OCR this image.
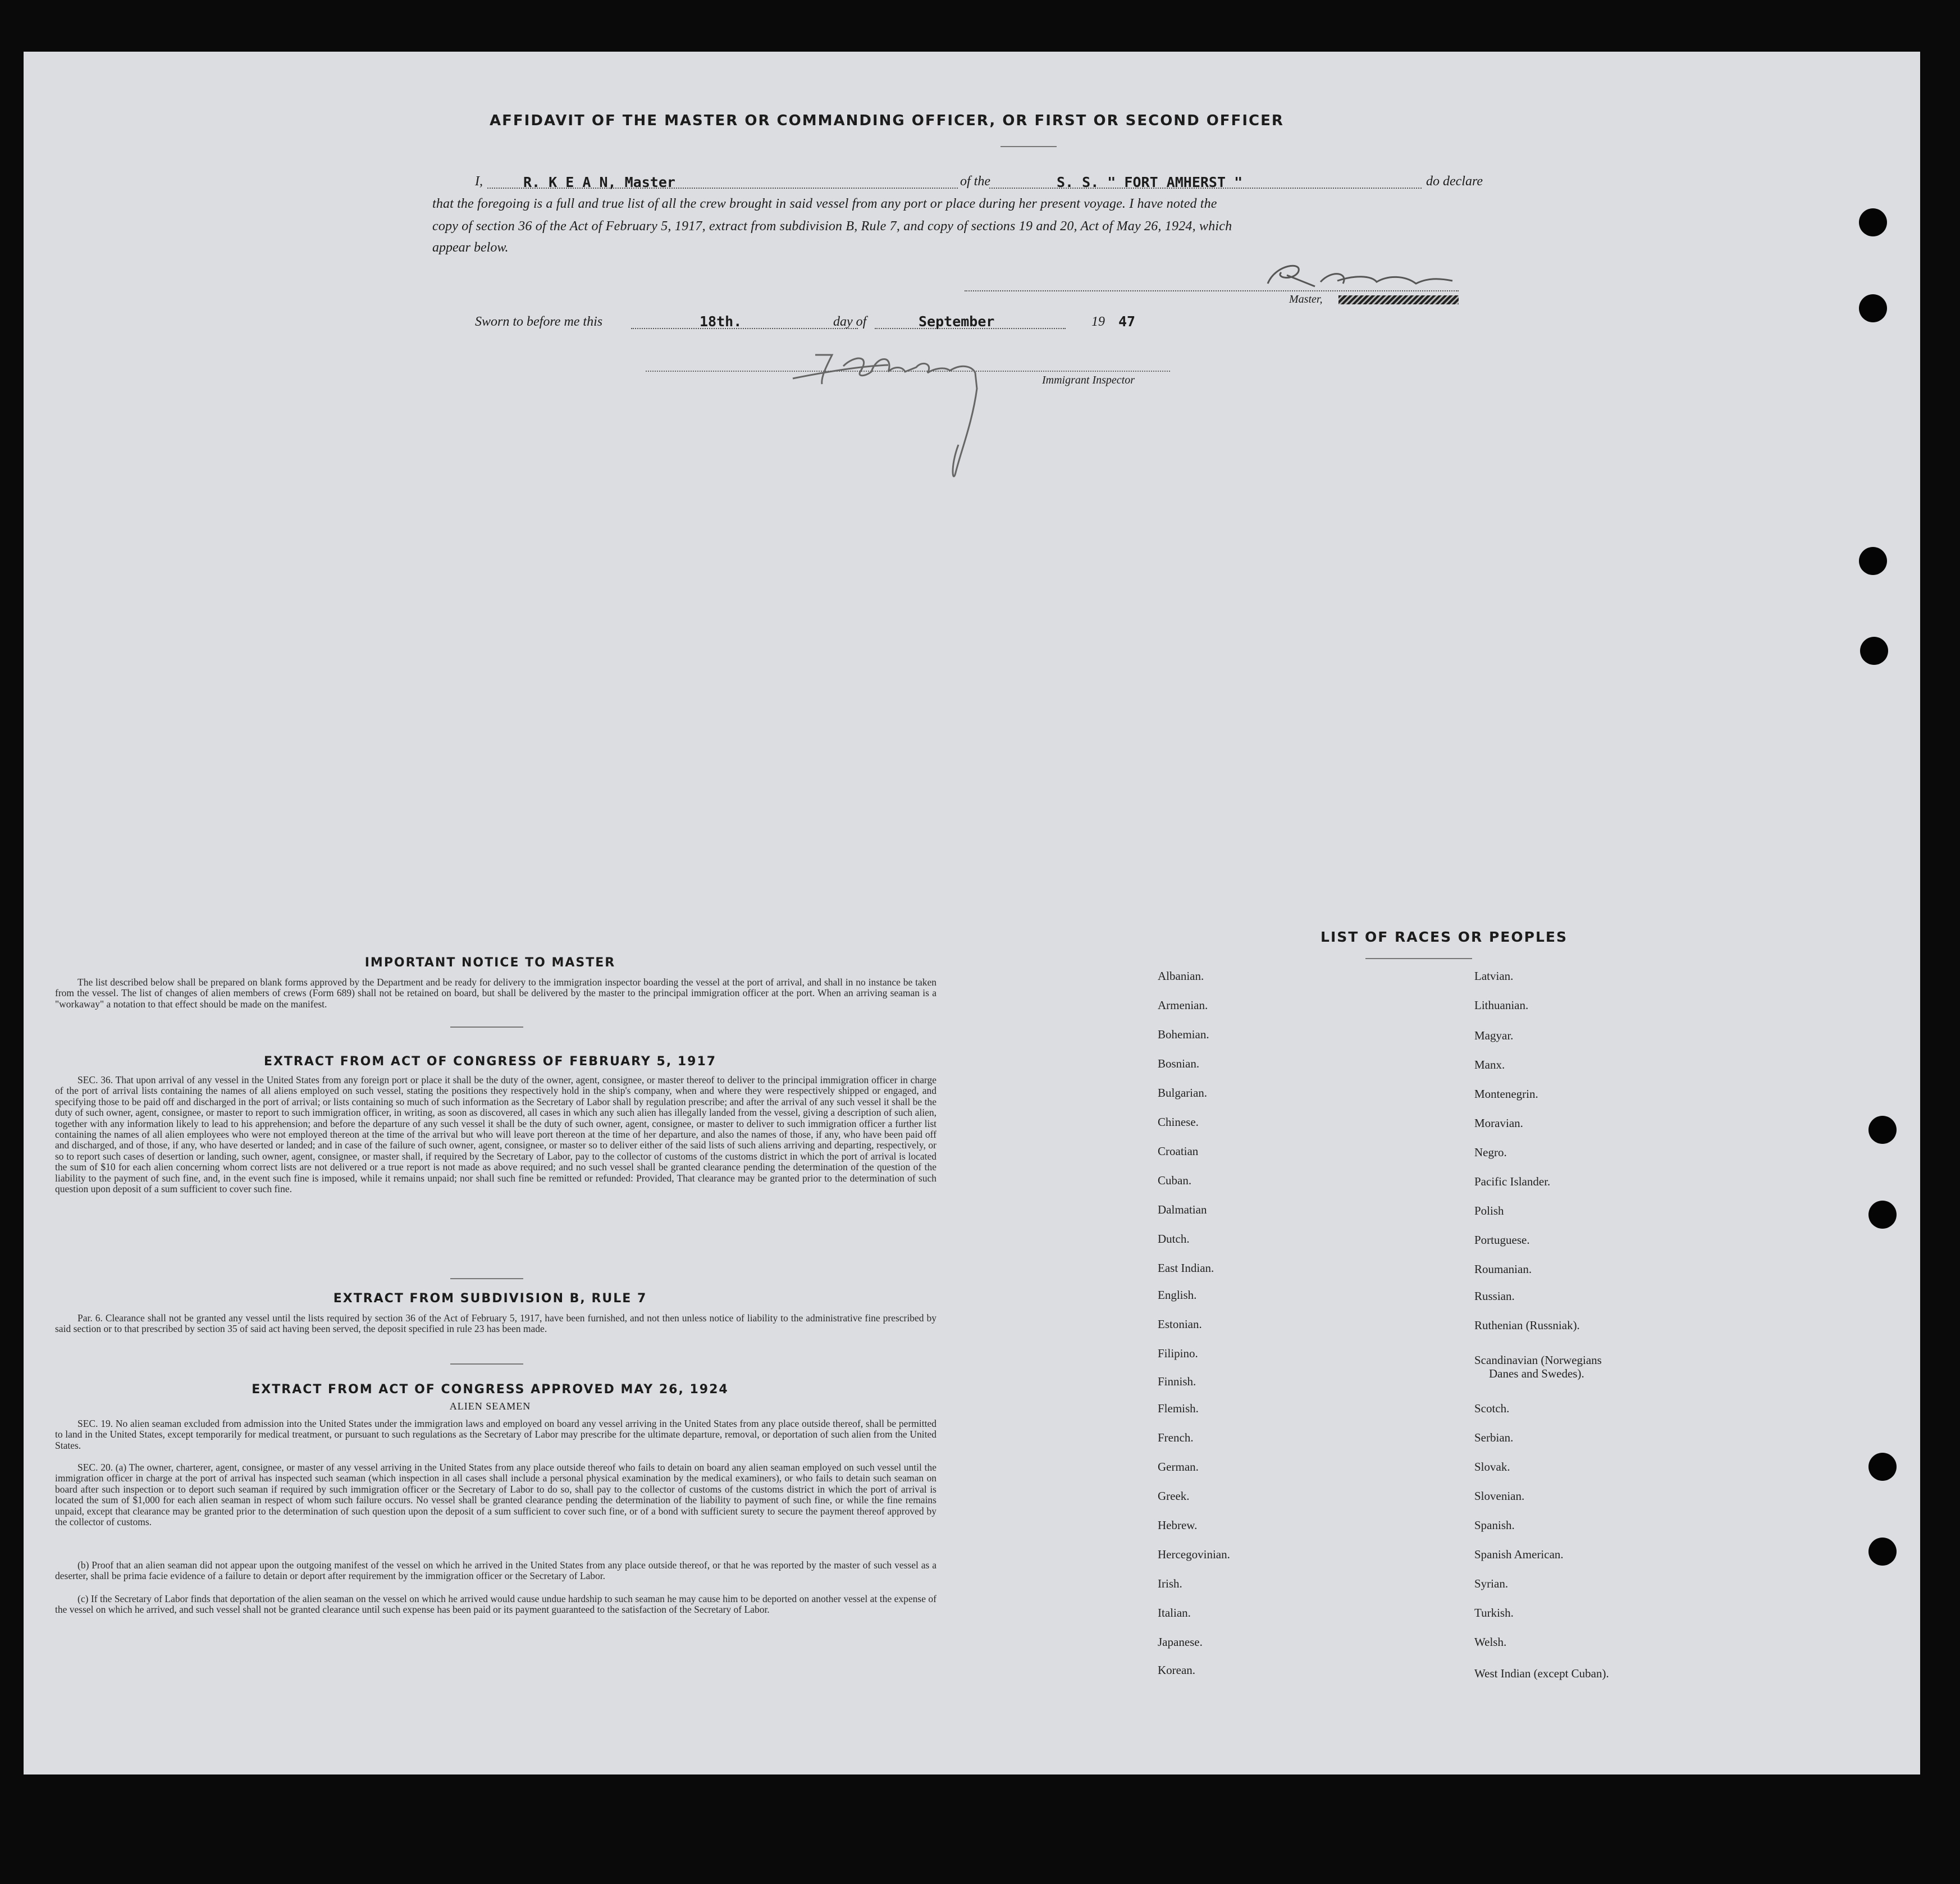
AFFIDAVIT OF THE MASTER OR COMMANDING OFFICER, OR FIRST OR SECOND OFFICER
I,	R. K E A N, Master	of the	S. S. " FORT AMHERST "	do declare
that the foregoing is a full and true list of all the crew brought in said vessel from any port or place during her present voyage. I have noted the
copy of section 36 of the Act of February 5, 1917, extract from subdivision B, Rule 7, and copy of sections 19 and 20, Act of May 26, 1924, which
appear below.
Master,
Sworn to before me this	18th.	day of	September	19 47
Immigrant Inspector
IMPORTANT NOTICE TO MASTER
The list described below shall be prepared on blank forms approved by the Department and be ready for delivery to the immigration inspector boarding the vessel at the port of arrival, and shall in no instance be taken from the vessel. The list of changes of alien members of crews (Form 689) shall not be retained on board, but shall be delivered by the master to the principal immigration officer at the port. When an arriving seaman is a "workaway" a notation to that effect should be made on the manifest.
EXTRACT FROM ACT OF CONGRESS OF FEBRUARY 5, 1917
SEC. 36. That upon arrival of any vessel in the United States from any foreign port or place it shall be the duty of the owner, agent, consignee, or master thereof to deliver to the principal immigration officer in charge of the port of arrival lists containing the names of all aliens employed on such vessel, stating the positions they respectively hold in the ship's company, when and where they were respectively shipped or engaged, and specifying those to be paid off and discharged in the port of arrival; or lists containing so much of such information as the Secretary of Labor shall by regulation prescribe; and after the arrival of any such vessel it shall be the duty of such owner, agent, consignee, or master to report to such immigration officer, in writing, as soon as discovered, all cases in which any such alien has illegally landed from the vessel, giving a description of such alien, together with any information likely to lead to his apprehension; and before the departure of any such vessel it shall be the duty of such owner, agent, consignee, or master to deliver to such immigration officer a further list containing the names of all alien employees who were not employed thereon at the time of the arrival but who will leave port thereon at the time of her departure, and also the names of those, if any, who have been paid off and discharged, and of those, if any, who have deserted or landed; and in case of the failure of such owner, agent, consignee, or master so to deliver either of the said lists of such aliens arriving and departing, respectively, or so to report such cases of desertion or landing, such owner, agent, consignee, or master shall, if required by the Secretary of Labor, pay to the collector of customs of the customs district in which the port of arrival is located the sum of $10 for each alien concerning whom correct lists are not delivered or a true report is not made as above required; and no such vessel shall be granted clearance pending the determination of the question of the liability to the payment of such fine, and, in the event such fine is imposed, while it remains unpaid; nor shall such fine be remitted or refunded: Provided, That clearance may be granted prior to the determination of such question upon deposit of a sum sufficient to cover such fine.
EXTRACT FROM SUBDIVISION B, RULE 7
Par. 6. Clearance shall not be granted any vessel until the lists required by section 36 of the Act of February 5, 1917, have been furnished, and not then unless notice of liability to the administrative fine prescribed by said section or to that prescribed by section 35 of said act having been served, the deposit specified in rule 23 has been made.
EXTRACT FROM ACT OF CONGRESS APPROVED MAY 26, 1924
ALIEN SEAMEN
SEC. 19. No alien seaman excluded from admission into the United States under the immigration laws and employed on board any vessel arriving in the United States from any place outside thereof, shall be permitted to land in the United States, except temporarily for medical treatment, or pursuant to such regulations as the Secretary of Labor may prescribe for the ultimate departure, removal, or deportation of such alien from the United States.
SEC. 20. (a) The owner, charterer, agent, consignee, or master of any vessel arriving in the United States from any place outside thereof who fails to detain on board any alien seaman employed on such vessel until the immigration officer in charge at the port of arrival has inspected such seaman (which inspection in all cases shall include a personal physical examination by the medical examiners), or who fails to detain such seaman on board after such inspection or to deport such seaman if required by such immigration officer or the Secretary of Labor to do so, shall pay to the collector of customs of the customs district in which the port of arrival is located the sum of $1,000 for each alien seaman in respect of whom such failure occurs. No vessel shall be granted clearance pending the determination of the liability to payment of such fine, or while the fine remains unpaid, except that clearance may be granted prior to the determination of such question upon the deposit of a sum sufficient to cover such fine, or of a bond with sufficient surety to secure the payment thereof approved by the collector of customs.
(b) Proof that an alien seaman did not appear upon the outgoing manifest of the vessel on which he arrived in the United States from any place outside thereof, or that he was reported by the master of such vessel as a deserter, shall be prima facie evidence of a failure to detain or deport after requirement by the immigration officer or the Secretary of Labor.
(c) If the Secretary of Labor finds that deportation of the alien seaman on the vessel on which he arrived would cause undue hardship to such seaman he may cause him to be deported on another vessel at the expense of the vessel on which he arrived, and such vessel shall not be granted clearance until such expense has been paid or its payment guaranteed to the satisfaction of the Secretary of Labor.
LIST OF RACES OR PEOPLES
Albanian.
Armenian.
Bohemian.
Bosnian.
Bulgarian.
Chinese.
Croatian
Cuban.
Dalmatian
Dutch.
East Indian.
English.
Estonian.
Filipino.
Finnish.
Flemish.
French.
German.
Greek.
Hebrew.
Hercegovinian.
Irish.
Italian.
Japanese.
Korean.
Latvian.
Lithuanian.
Magyar.
Manx.
Montenegrin.
Moravian.
Negro.
Pacific Islander.
Polish
Portuguese.
Roumanian.
Russian.
Ruthenian (Russniak).
Scandinavian (Norwegians
Danes and Swedes).
Scotch.
Serbian.
Slovak.
Slovenian.
Spanish.
Spanish American.
Syrian.
Turkish.
Welsh.
West Indian (except Cuban).
